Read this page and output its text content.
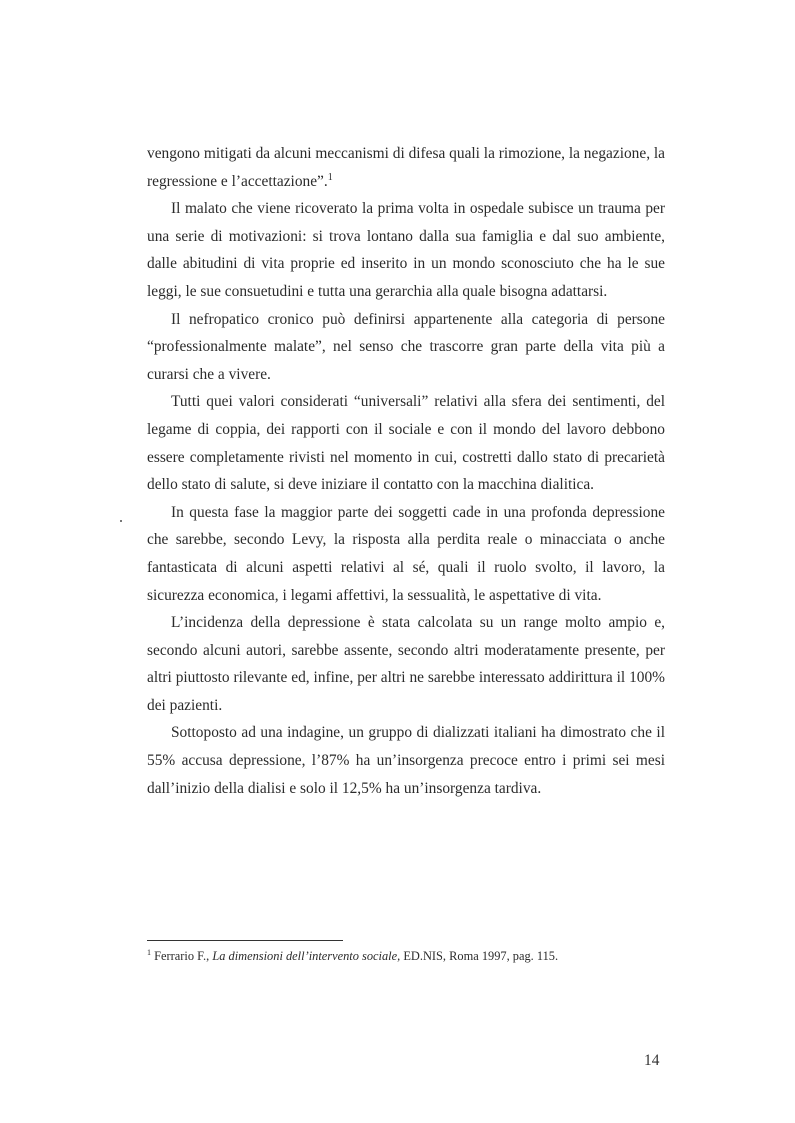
vengono mitigati da alcuni meccanismi di difesa quali la rimozione, la negazione, la regressione e l’accettazione”.$^1$

Il malato che viene ricoverato la prima volta in ospedale subisce un trauma per una serie di motivazioni: si trova lontano dalla sua famiglia e dal suo ambiente, dalle abitudini di vita proprie ed inserito in un mondo sconosciuto che ha le sue leggi, le sue consuetudini e tutta una gerarchia alla quale bisogna adattarsi.

Il nefropatico cronico può definirsi appartenente alla categoria di persone “professionalmente malate”, nel senso che trascorre gran parte della vita più a curarsi che a vivere.

Tutti quei valori considerati “universali” relativi alla sfera dei sentimenti, del legame di coppia, dei rapporti con il sociale e con il mondo del lavoro debbono essere completamente rivisti nel momento in cui, costretti dallo stato di precarietà dello stato di salute, si deve iniziare il contatto con la macchina dialitica.

In questa fase la maggior parte dei soggetti cade in una profonda depressione che sarebbe, secondo Levy, la risposta alla perdita reale o minacciata o anche fantasticata di alcuni aspetti relativi al sé, quali il ruolo svolto, il lavoro, la sicurezza economica, i legami affettivi, la sessualità, le aspettative di vita.

L’incidenza della depressione è stata calcolata su un range molto ampio e, secondo alcuni autori, sarebbe assente, secondo altri moderatamente presente, per altri piuttosto rilevante ed, infine, per altri ne sarebbe interessato addirittura il 100% dei pazienti.

Sottoposto ad una indagine, un gruppo di dializzati italiani ha dimostrato che il 55% accusa depressione, l’87% ha un’insorgenza precoce entro i primi sei mesi dall’inizio della dialisi e solo il 12,5% ha un’insorgenza tardiva.

$^1$ Ferrario F., La dimensioni dell’intervento sociale, ED.NIS, Roma 1997, pag. 115.
14
